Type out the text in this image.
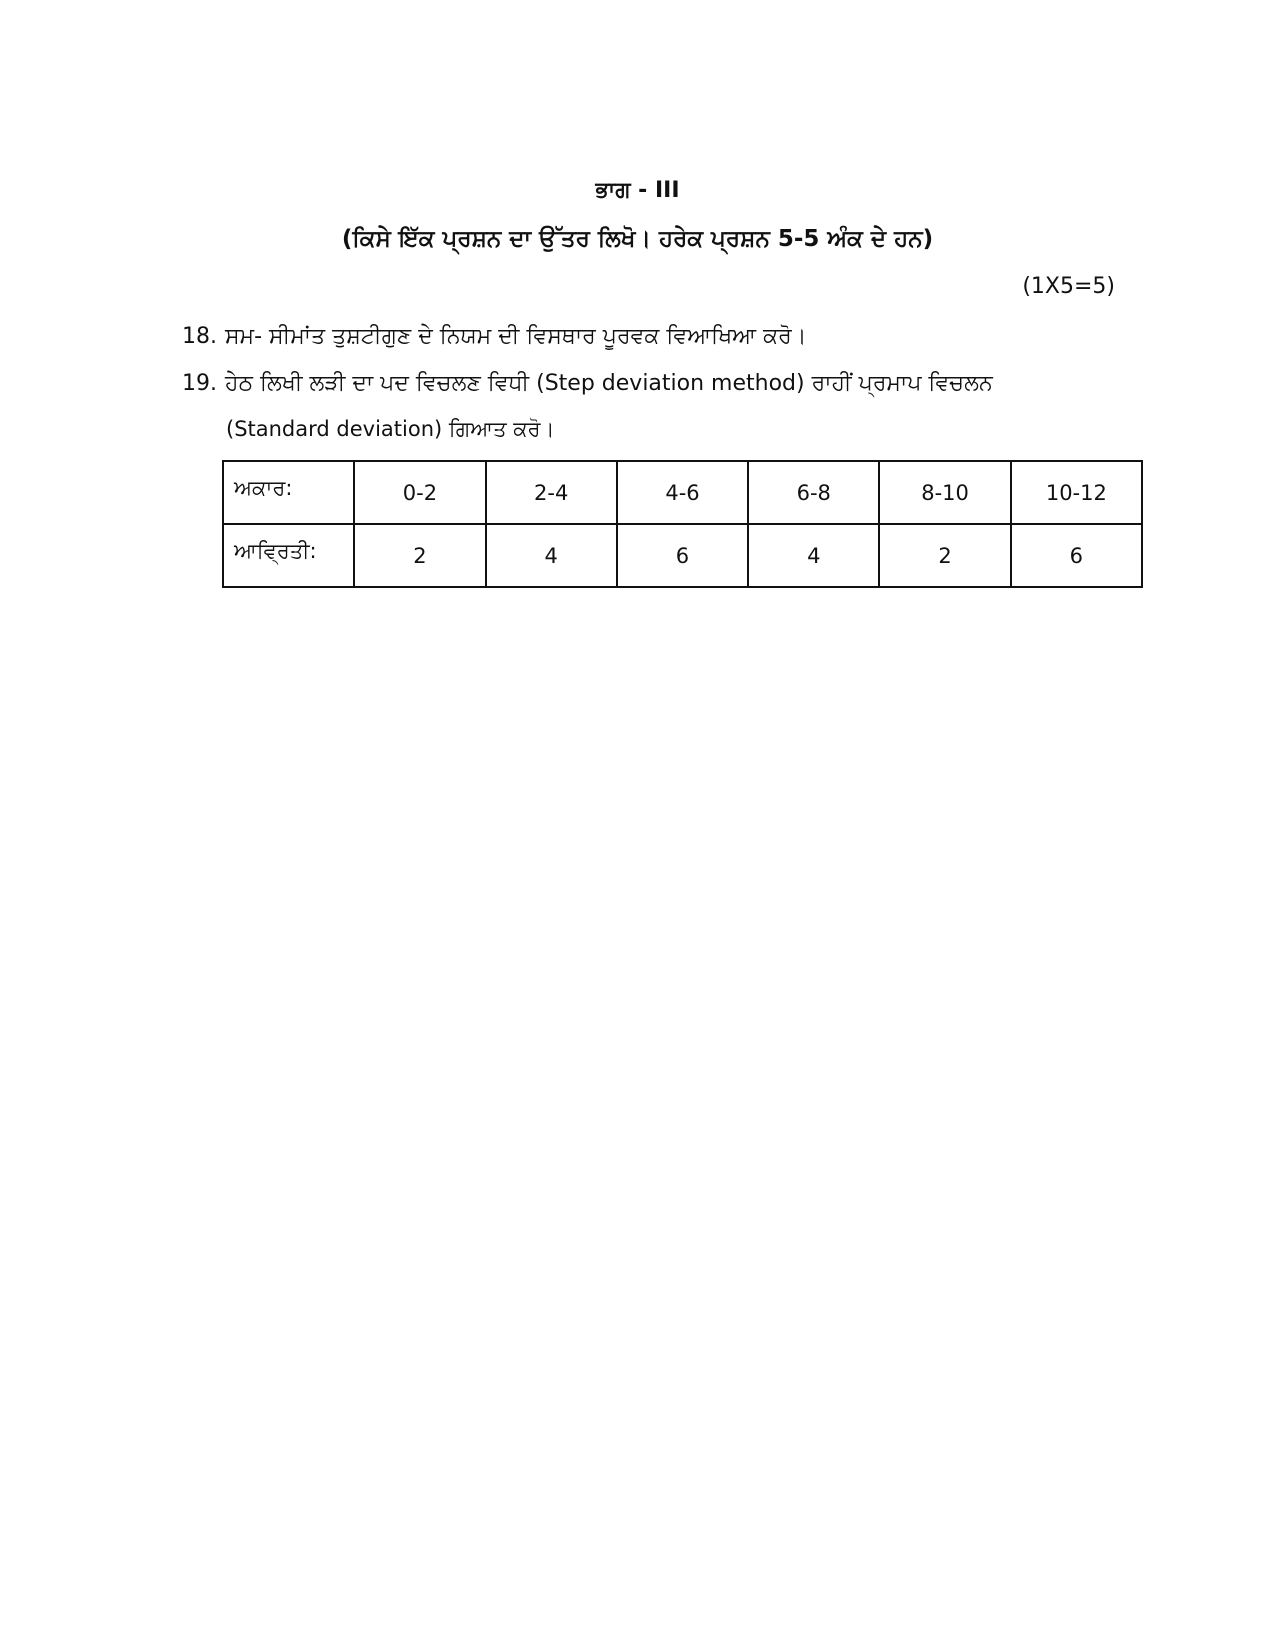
ਭਾਗ - III
(ਕਿਸੇ ਇੱਕ ਪ੍ਰਸ਼ਨ ਦਾ ਉੱਤਰ ਲਿਖੋ। ਹਰੇਕ ਪ੍ਰਸ਼ਨ 5-5 ਅੰਕ ਦੇ ਹਨ)
(1X5=5)
18. ਸਮ- ਸੀਮਾਂਤ ਤੁਸ਼ਟੀਗੁਣ ਦੇ ਨਿਯਮ ਦੀ ਵਿਸਥਾਰ ਪੂਰਵਕ ਵਿਆਖਿਆ ਕਰੋ।
19. ਹੇਠ ਲਿਖੀ ਲੜੀ ਦਾ ਪਦ ਵਿਚਲਣ ਵਿਧੀ (Step deviation method) ਰਾਹੀਂ ਪ੍ਰਮਾਪ ਵਿਚਲਨ
(Standard deviation) ਗਿਆਤ ਕਰੋ।
ਅਕਾਰ:	0-2	2-4	4-6	6-8	8-10	10-12
ਆਵ੍ਰਿਤੀ:	2	4	6	4	2	6
